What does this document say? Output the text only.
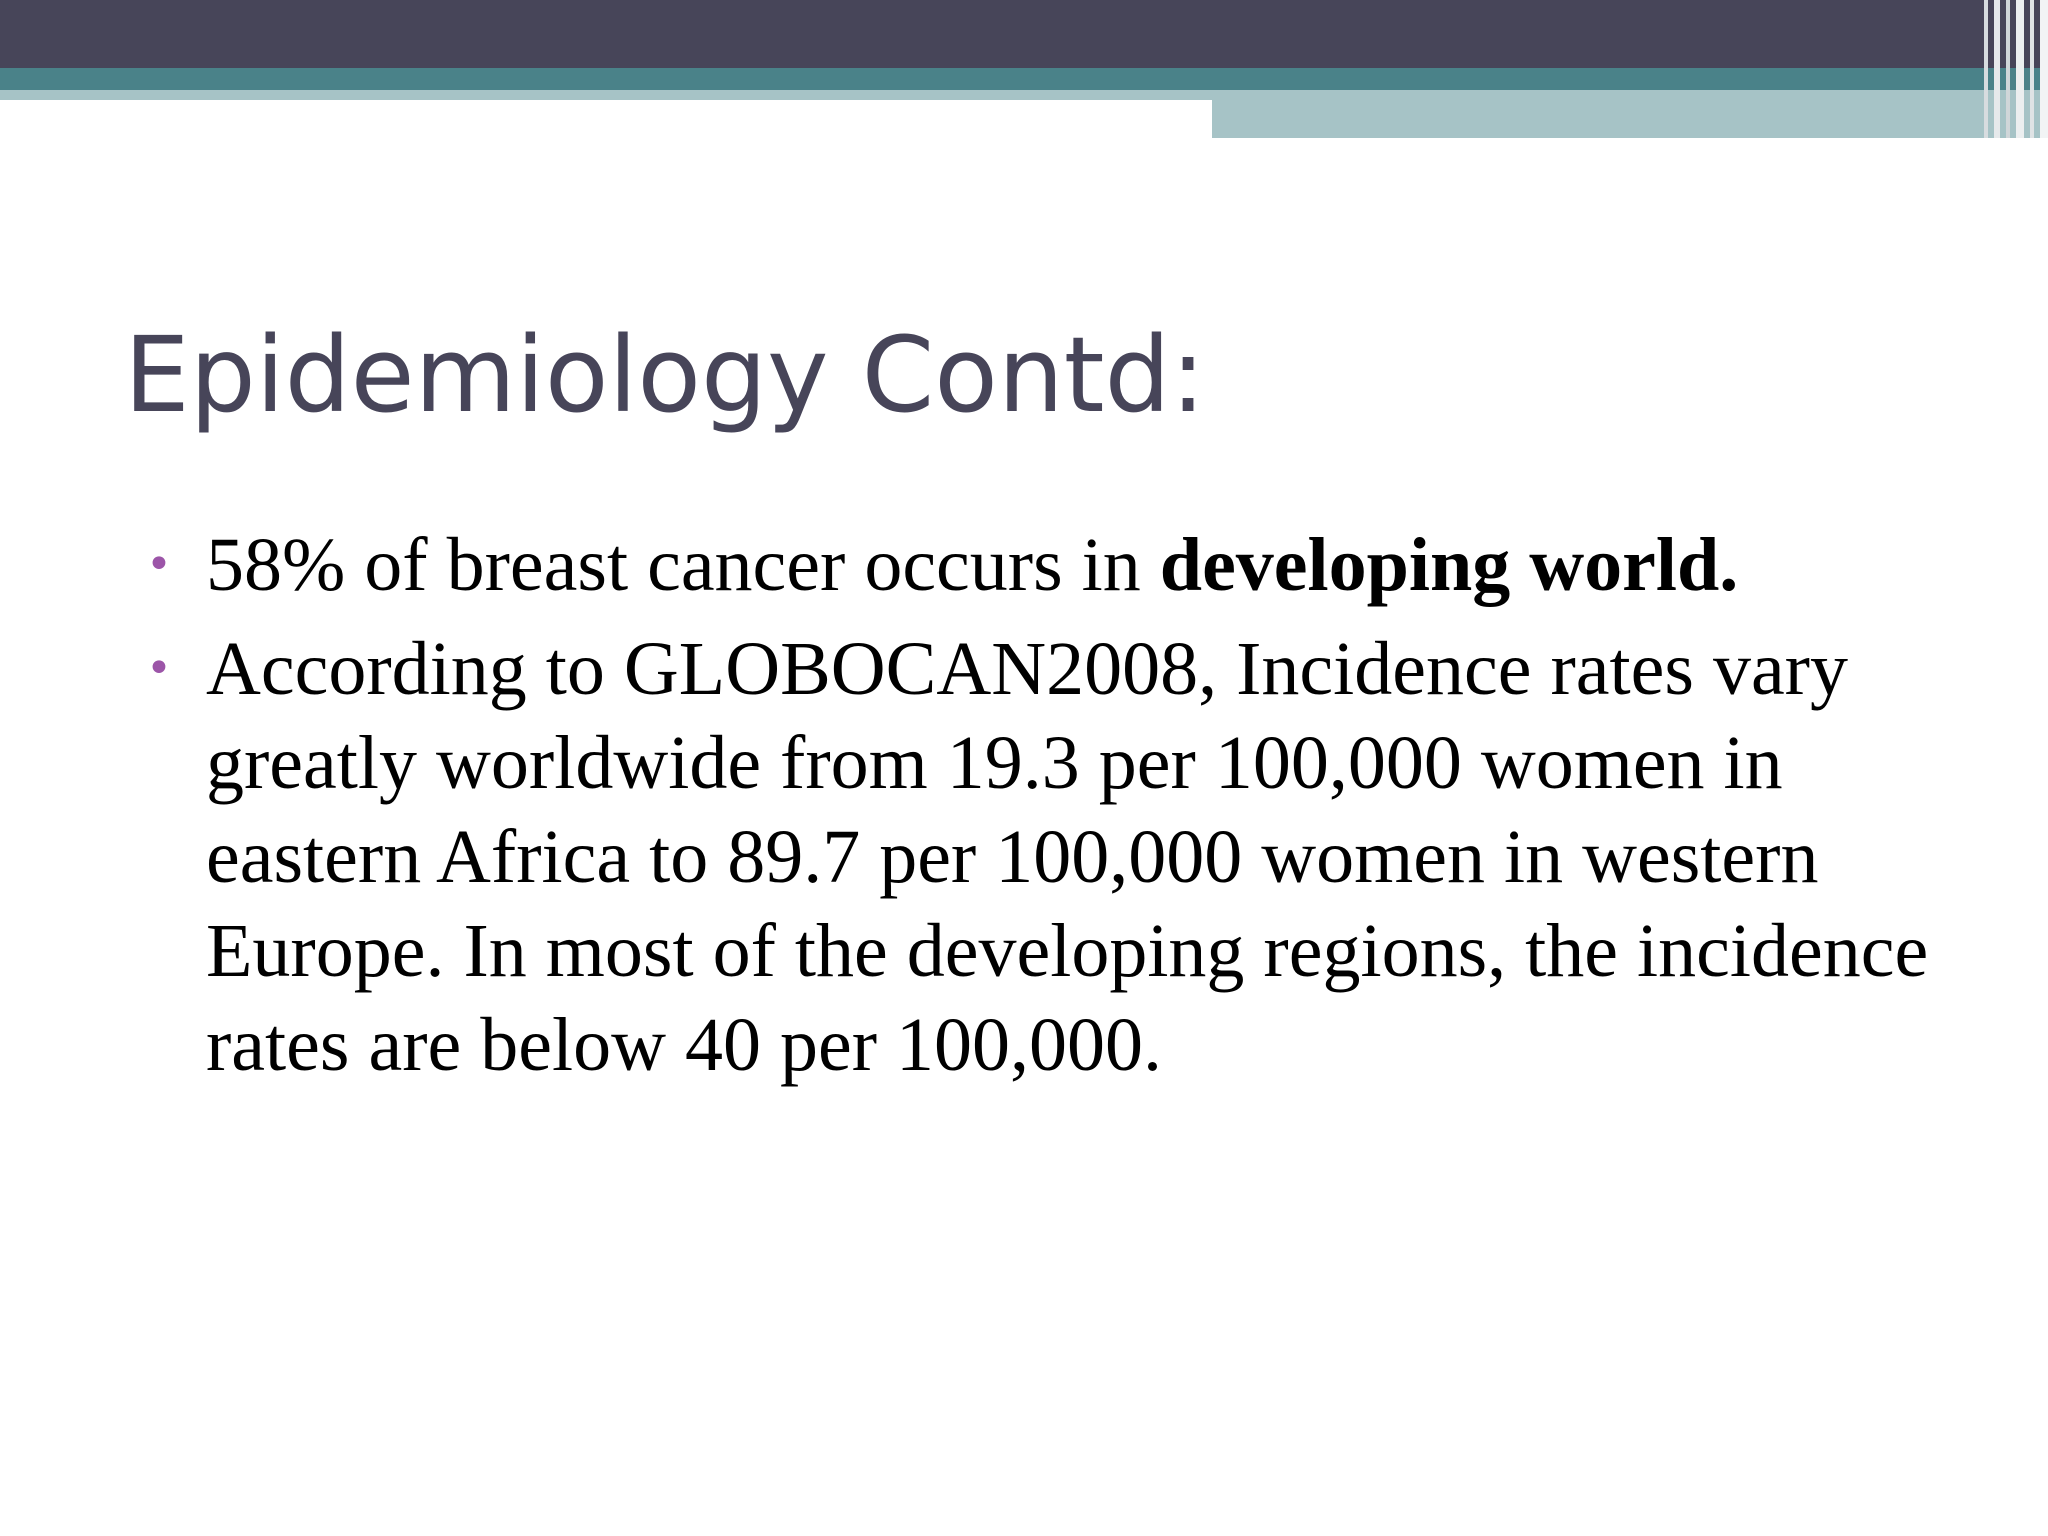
Epidemiology Contd:
• 58% of breast cancer occurs in developing world.
• According to GLOBOCAN2008, Incidence rates vary greatly worldwide from 19.3 per 100,000 women in eastern Africa to 89.7 per 100,000 women in western Europe. In most of the developing regions, the incidence rates are below 40 per 100,000.
